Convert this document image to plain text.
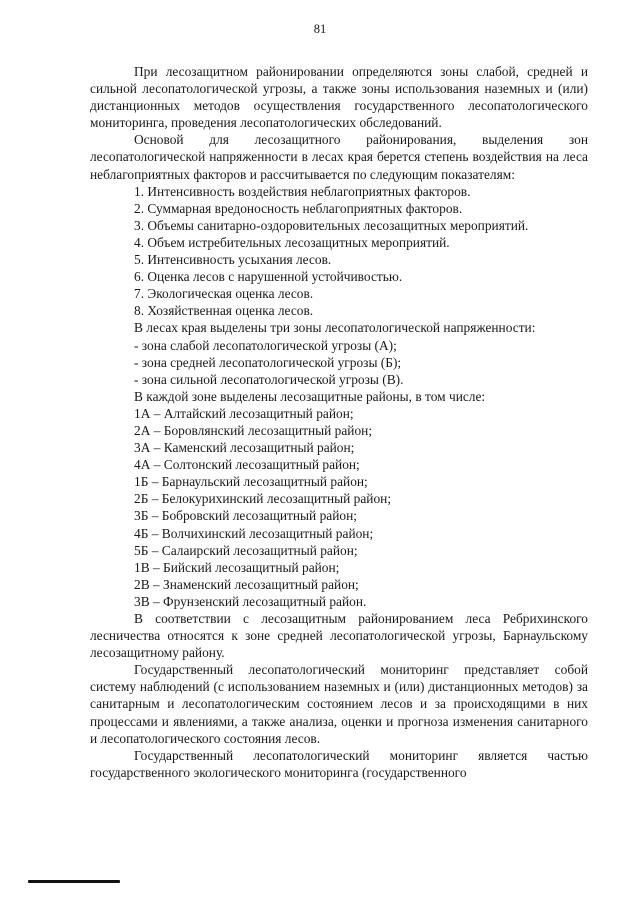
81

При лесозащитном районировании определяются зоны слабой, средней и сильной лесопатологической угрозы, а также зоны использования наземных и (или) дистанционных методов осуществления государственного лесопатологического мониторинга, проведения лесопатологических обследований.

Основой для лесозащитного районирования, выделения зон лесопатологической напряженности в лесах края берется степень воздействия на леса неблагоприятных факторов и рассчитывается по следующим показателям:

1. Интенсивность воздействия неблагоприятных факторов.

2. Суммарная вредоносность неблагоприятных факторов.

3. Объемы санитарно-оздоровительных лесозащитных мероприятий.

4. Объем истребительных лесозащитных мероприятий.

5. Интенсивность усыхания лесов.

6. Оценка лесов с нарушенной устойчивостью.

7. Экологическая оценка лесов.

8. Хозяйственная оценка лесов.

В лесах края выделены три зоны лесопатологической напряженности:

- зона слабой лесопатологической угрозы (А);

- зона средней лесопатологической угрозы (Б);

- зона сильной лесопатологической угрозы (В).

В каждой зоне выделены лесозащитные районы, в том числе:

1А – Алтайский лесозащитный район;

2А – Боровлянский лесозащитный район;

3А – Каменский лесозащитный район;

4А – Солтонский лесозащитный район;

1Б – Барнаульский лесозащитный район;

2Б – Белокурихинский лесозащитный район;

3Б – Бобровский лесозащитный район;

4Б – Волчихинский лесозащитный район;

5Б – Салаирский лесозащитный район;

1В – Бийский лесозащитный район;

2В – Знаменский лесозащитный район;

3В – Фрунзенский лесозащитный район.

В соответствии с лесозащитным районированием леса Ребрихинского лесничества относятся к зоне средней лесопатологической угрозы, Барнаульскому лесозащитному району.

Государственный лесопатологический мониторинг представляет собой систему наблюдений (с использованием наземных и (или) дистанционных методов) за санитарным и лесопатологическим состоянием лесов и за происходящими в них процессами и явлениями, а также анализа, оценки и прогноза изменения санитарного и лесопатологического состояния лесов.

Государственный лесопатологический мониторинг является частью государственного экологического мониторинга (государственного
